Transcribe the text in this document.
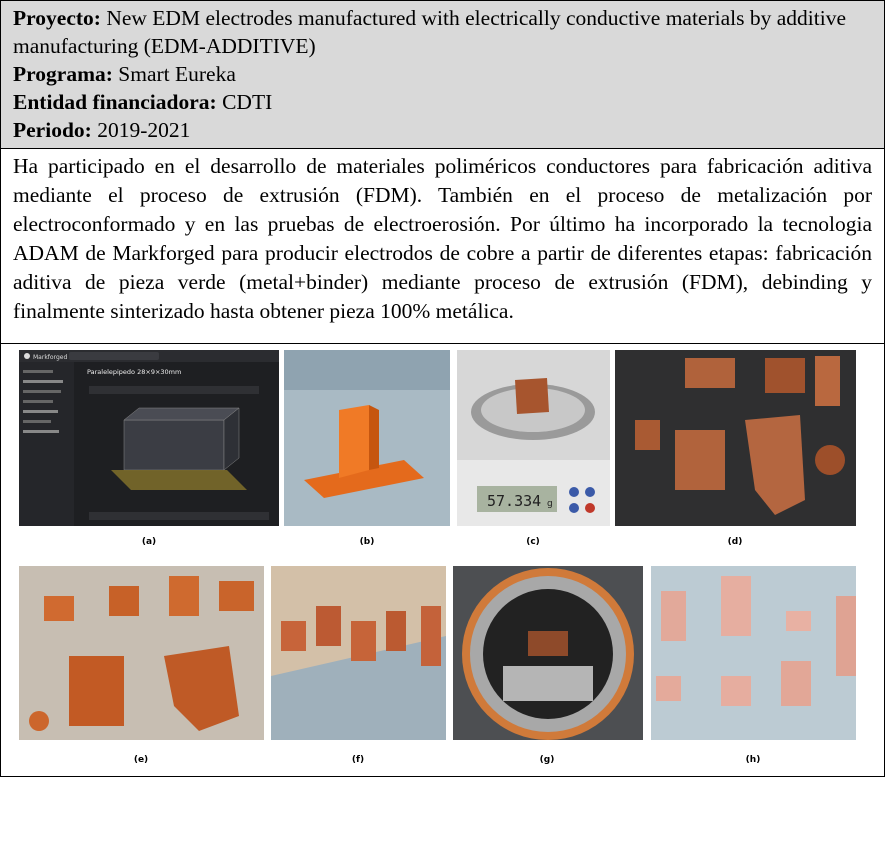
Proyecto: New EDM electrodes manufactured with electrically conductive materials by additive manufacturing (EDM-ADDITIVE)
Programa: Smart Eureka
Entidad financiadora: CDTI
Periodo: 2019-2021
Ha participado en el desarrollo de materiales poliméricos conductores para fabricación aditiva mediante el proceso de extrusión (FDM). También en el proceso de metalización por electroconformado y en las pruebas de electroerosión. Por último ha incorporado la tecnologia ADAM de Markforged para producir electrodos de cobre a partir de diferentes etapas: fabricación aditiva de pieza verde (metal+binder) mediante proceso de extrusión (FDM), debinding y finalmente sinterizado hasta obtener pieza 100% metálica.
Markforged
Paralelepipedo 28×9×30mm
57.334 g
(a)	(b)	(c)	(d)
(e)	(f)	(g)	(h)
